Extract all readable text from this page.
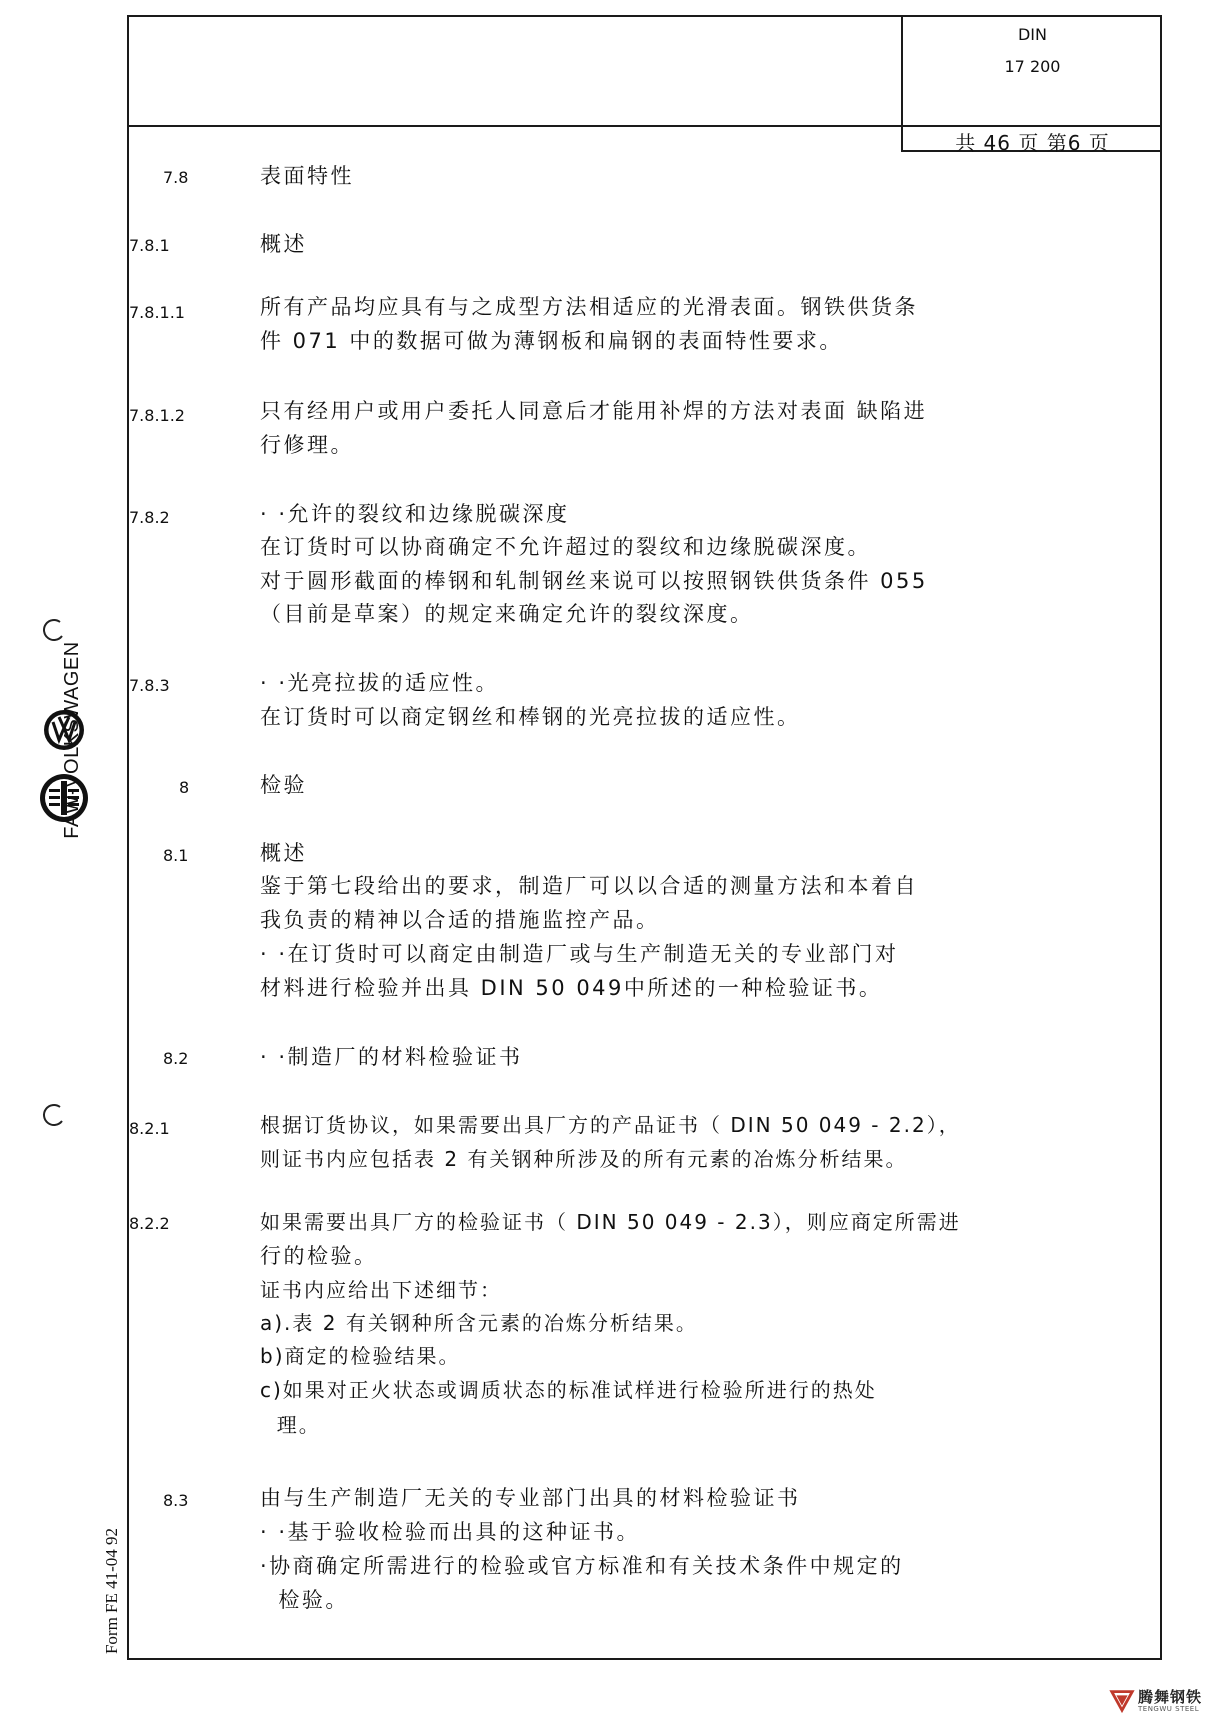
DIN
17 200
共 46 页 第6 页
7.8	表面特性
7.8.1	概述
7.8.1.1	所有产品均应具有与之成型方法相适应的光滑表面。钢铁供货条
件 071 中的数据可做为薄钢板和扁钢的表面特性要求。
7.8.1.2	只有经用户或用户委托人同意后才能用补焊的方法对表面 缺陷进
行修理。
7.8.2	· ·允许的裂纹和边缘脱碳深度
在订货时可以协商确定不允许超过的裂纹和边缘脱碳深度。
对于圆形截面的棒钢和轧制钢丝来说可以按照钢铁供货条件 055
（目前是草案）的规定来确定允许的裂纹深度。
7.8.3	· ·光亮拉拔的适应性。
在订货时可以商定钢丝和棒钢的光亮拉拔的适应性。
8	检验
8.1	概述
鉴于第七段给出的要求，制造厂可以以合适的测量方法和本着自
我负责的精神以合适的措施监控产品。
· ·在订货时可以商定由制造厂或与生产制造无关的专业部门对
材料进行检验并出具 DIN 50 049中所述的一种检验证书。
8.2	· ·制造厂的材料检验证书
8.2.1	根据订货协议，如果需要出具厂方的产品证书（ DIN 50 049 - 2.2），
则证书内应包括表 2 有关钢种所涉及的所有元素的冶炼分析结果。
8.2.2	如果需要出具厂方的检验证书（ DIN 50 049 - 2.3），则应商定所需进
行的检验。
证书内应给出下述细节：
a).表 2 有关钢种所含元素的冶炼分析结果。
b)商定的检验结果。
c)如果对正火状态或调质状态的标准试样进行检验所进行的热处
理。
8.3	由与生产制造厂无关的专业部门出具的材料检验证书
· ·基于验收检验而出具的这种证书。
·协商确定所需进行的检验或官方标准和有关技术条件中规定的
检验。
FAW-VOLKSWAGEN
Form FE 41-04 92
腾舞钢铁
TENGWU STEEL
